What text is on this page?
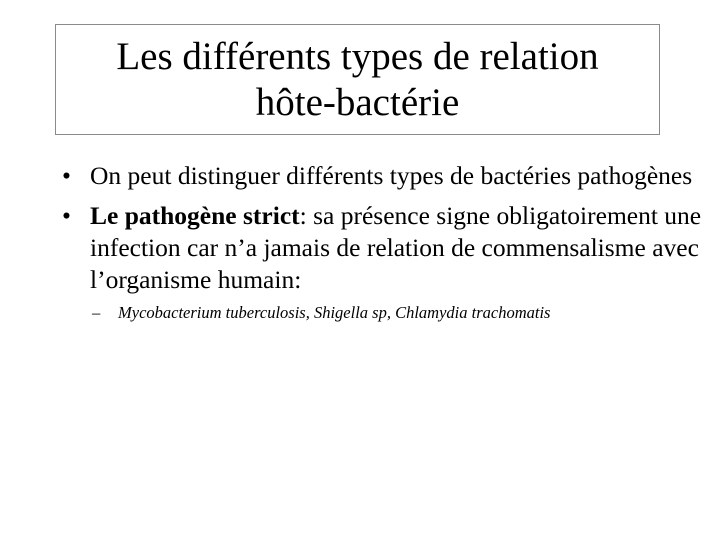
Les différents types de relation
hôte-bactérie
• On peut distinguer différents types de bactéries pathogènes
• Le pathogène strict: sa présence signe obligatoirement une infection car n’a jamais de relation de commensalisme avec l’organisme humain:
– Mycobacterium tuberculosis, Shigella sp, Chlamydia trachomatis
